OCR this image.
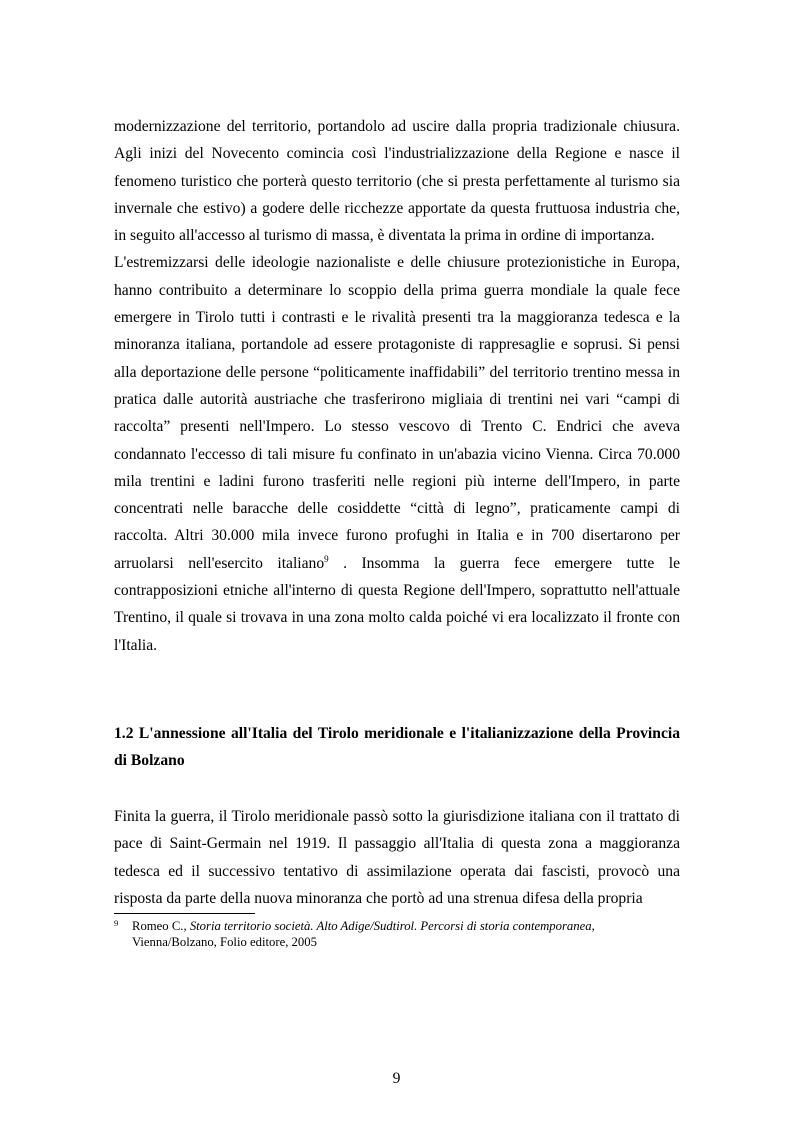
modernizzazione del territorio, portandolo ad uscire dalla propria tradizionale chiusura. Agli inizi del Novecento comincia così l'industrializzazione della Regione e nasce il fenomeno turistico che porterà questo territorio (che si presta perfettamente al turismo sia invernale che estivo) a godere delle ricchezze apportate da questa fruttuosa industria che, in seguito all'accesso al turismo di massa, è diventata la prima in ordine di importanza.

L'estremizzarsi delle ideologie nazionaliste e delle chiusure protezionistiche in Europa, hanno contribuito a determinare lo scoppio della prima guerra mondiale la quale fece emergere in Tirolo tutti i contrasti e le rivalità presenti tra la maggioranza tedesca e la minoranza italiana, portandole ad essere protagoniste di rappresaglie e soprusi. Si pensi alla deportazione delle persone “politicamente inaffidabili” del territorio trentino messa in pratica dalle autorità austriache che trasferirono migliaia di trentini nei vari “campi di raccolta” presenti nell'Impero. Lo stesso vescovo di Trento C. Endrici che aveva condannato l'eccesso di tali misure fu confinato in un'abazia vicino Vienna. Circa 70.000 mila trentini e ladini furono trasferiti nelle regioni più interne dell'Impero, in parte concentrati nelle baracche delle cosiddette “città di legno”, praticamente campi di raccolta. Altri 30.000 mila invece furono profughi in Italia e in 700 disertarono per arruolarsi nell'esercito italiano$^9$ . Insomma la guerra fece emergere tutte le contrapposizioni etniche all'interno di questa Regione dell'Impero, soprattutto nell'attuale Trentino, il quale si trovava in una zona molto calda poiché vi era localizzato il fronte con l'Italia.

1.2 L'annessione all'Italia del Tirolo meridionale e l'italianizzazione della Provincia di Bolzano

Finita la guerra, il Tirolo meridionale passò sotto la giurisdizione italiana con il trattato di pace di Saint-Germain nel 1919. Il passaggio all'Italia di questa zona a maggioranza tedesca ed il successivo tentativo di assimilazione operata dai fascisti, provocò una risposta da parte della nuova minoranza che portò ad una strenua difesa della propria

9 Romeo C., Storia territorio società. Alto Adige/Sudtirol. Percorsi di storia contemporanea,
Vienna/Bolzano, Folio editore, 2005
9
